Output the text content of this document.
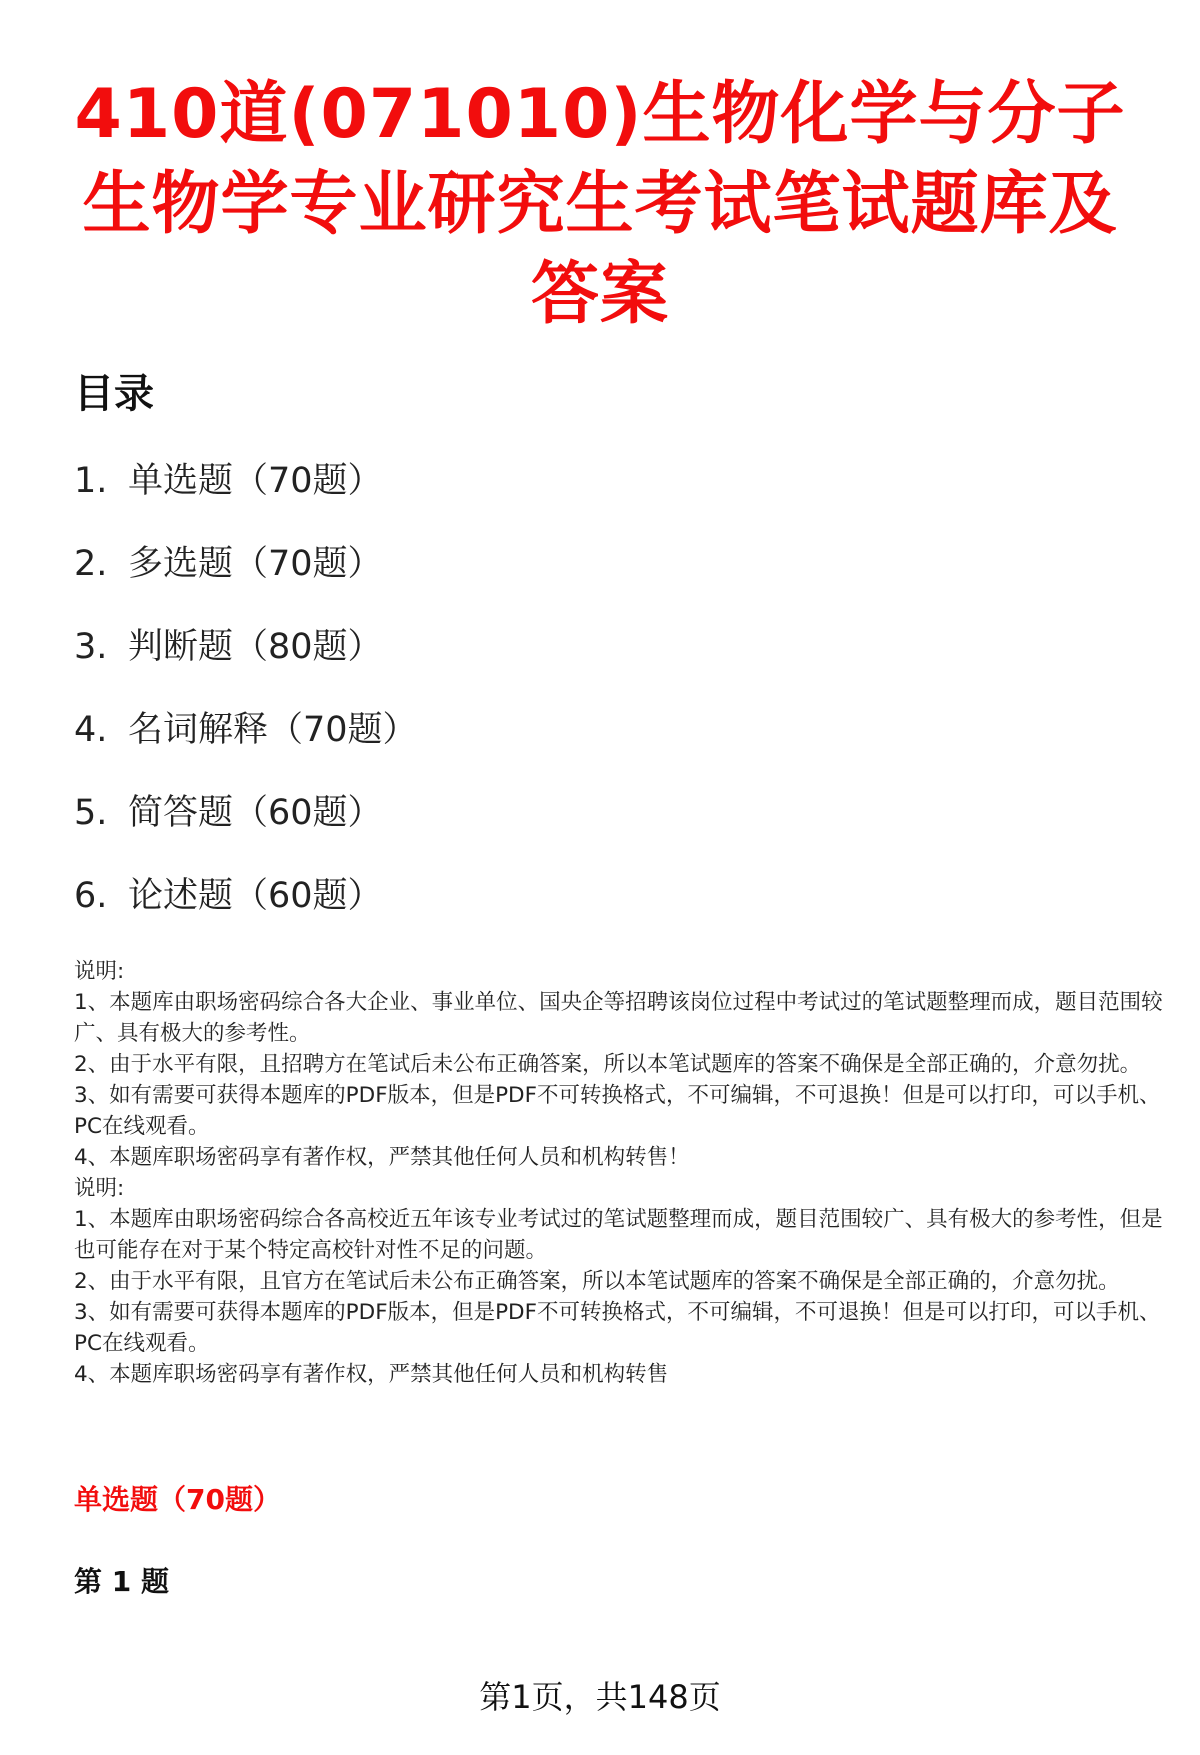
410道(071010)生物化学与分子生物学专业研究生考试笔试题库及答案
目录
1. 单选题（70题）
2. 多选题（70题）
3. 判断题（80题）
4. 名词解释（70题）
5. 简答题（60题）
6. 论述题（60题）

说明:

1、本题库由职场密码综合各大企业、事业单位、国央企等招聘该岗位过程中考试过的笔试题整理而成，题目范围较广、具有极大的参考性。

2、由于水平有限，且招聘方在笔试后未公布正确答案，所以本笔试题库的答案不确保是全部正确的，介意勿扰。

3、如有需要可获得本题库的PDF版本，但是PDF不可转换格式，不可编辑，不可退换！但是可以打印，可以手机、PC在线观看。

4、本题库职场密码享有著作权，严禁其他任何人员和机构转售！

说明:

1、本题库由职场密码综合各高校近五年该专业考试过的笔试题整理而成，题目范围较广、具有极大的参考性，但是也可能存在对于某个特定高校针对性不足的问题。

2、由于水平有限，且官方在笔试后未公布正确答案，所以本笔试题库的答案不确保是全部正确的，介意勿扰。

3、如有需要可获得本题库的PDF版本，但是PDF不可转换格式，不可编辑，不可退换！但是可以打印，可以手机、PC在线观看。

4、本题库职场密码享有著作权，严禁其他任何人员和机构转售

单选题（70题）
第 1 题
第1页，共148页
